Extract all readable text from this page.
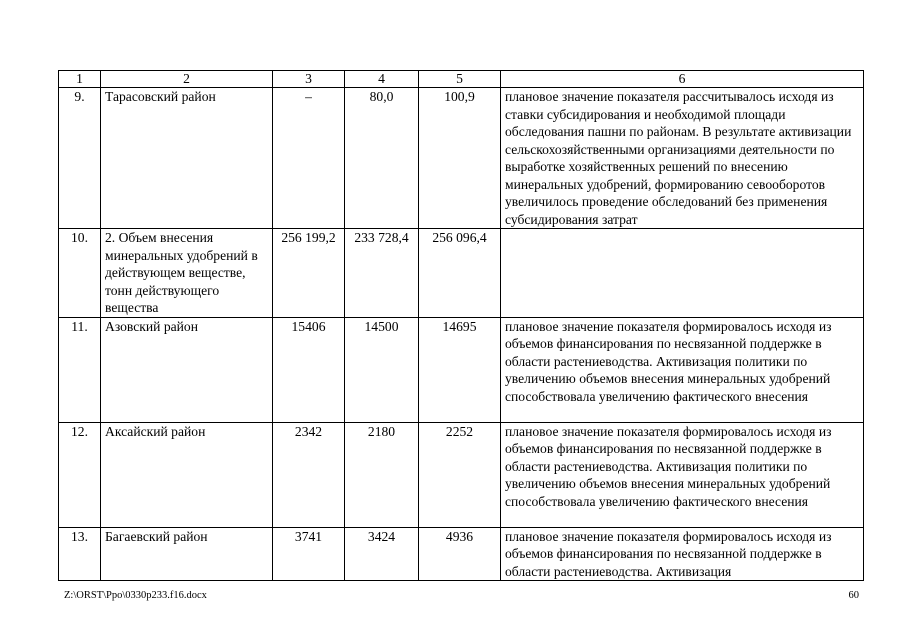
1	2	3	4	5	6
9.	Тарасовский район	–	80,0	100,9	плановое значение показателя рассчитывалось исходя из ставки субсидирования и необходимой площади обследования пашни по районам. В результате активизации сельскохозяйственными организациями деятельности по выработке хозяйственных решений по внесению минеральных удобрений, формированию севооборотов увеличилось проведение обследований без применения субсидирования затрат
10.	2. Объем внесения минеральных удобрений в действующем веществе, тонн действующего вещества	256 199,2	233 728,4	256 096,4	
11.	Азовский район	15406	14500	14695	плановое значение показателя формировалось исходя из объемов финансирования по несвязанной поддержке в области растениеводства. Активизация политики по увеличению объемов внесения минеральных удобрений способствовала увеличению фактического внесения
12.	Аксайский район	2342	2180	2252	плановое значение показателя формировалось исходя из объемов финансирования по несвязанной поддержке в области растениеводства. Активизация политики по увеличению объемов внесения минеральных удобрений способствовала увеличению фактического внесения
13.	Багаевский район	3741	3424	4936	плановое значение показателя формировалось исходя из объемов финансирования по несвязанной поддержке в области растениеводства. Активизация
Z:\ORST\Ppo\0330p233.f16.docx	60
